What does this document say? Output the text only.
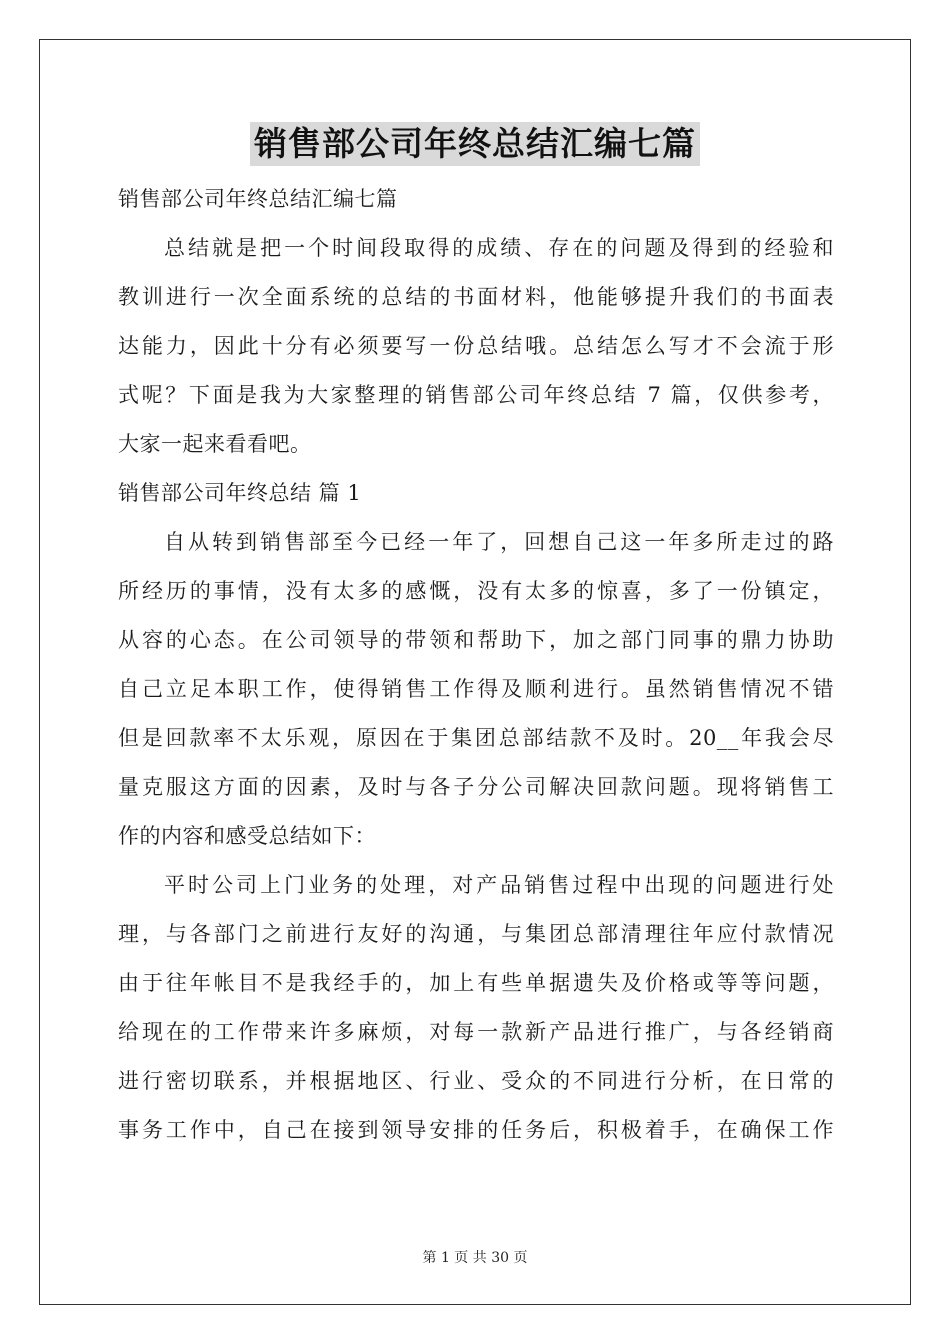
销售部公司年终总结汇编七篇
销售部公司年终总结汇编七篇
总结就是把一个时间段取得的成绩、存在的问题及得到的经验和
教训进行一次全面系统的总结的书面材料，他能够提升我们的书面表
达能力，因此十分有必须要写一份总结哦。总结怎么写才不会流于形
式呢？下面是我为大家整理的销售部公司年终总结 7 篇，仅供参考，
大家一起来看看吧。
销售部公司年终总结 篇 1
自从转到销售部至今已经一年了，回想自己这一年多所走过的路
所经历的事情，没有太多的感慨，没有太多的惊喜，多了一份镇定，
从容的心态。在公司领导的带领和帮助下，加之部门同事的鼎力协助
自己立足本职工作，使得销售工作得及顺利进行。虽然销售情况不错
但是回款率不太乐观，原因在于集团总部结款不及时。20__年我会尽
量克服这方面的因素，及时与各子分公司解决回款问题。现将销售工
作的内容和感受总结如下：
平时公司上门业务的处理，对产品销售过程中出现的问题进行处
理，与各部门之前进行友好的沟通，与集团总部清理往年应付款情况
由于往年帐目不是我经手的，加上有些单据遗失及价格或等等问题，
给现在的工作带来许多麻烦，对每一款新产品进行推广，与各经销商
进行密切联系，并根据地区、行业、受众的不同进行分析，在日常的
事务工作中，自己在接到领导安排的任务后，积极着手，在确保工作
第 1 页 共 30 页
